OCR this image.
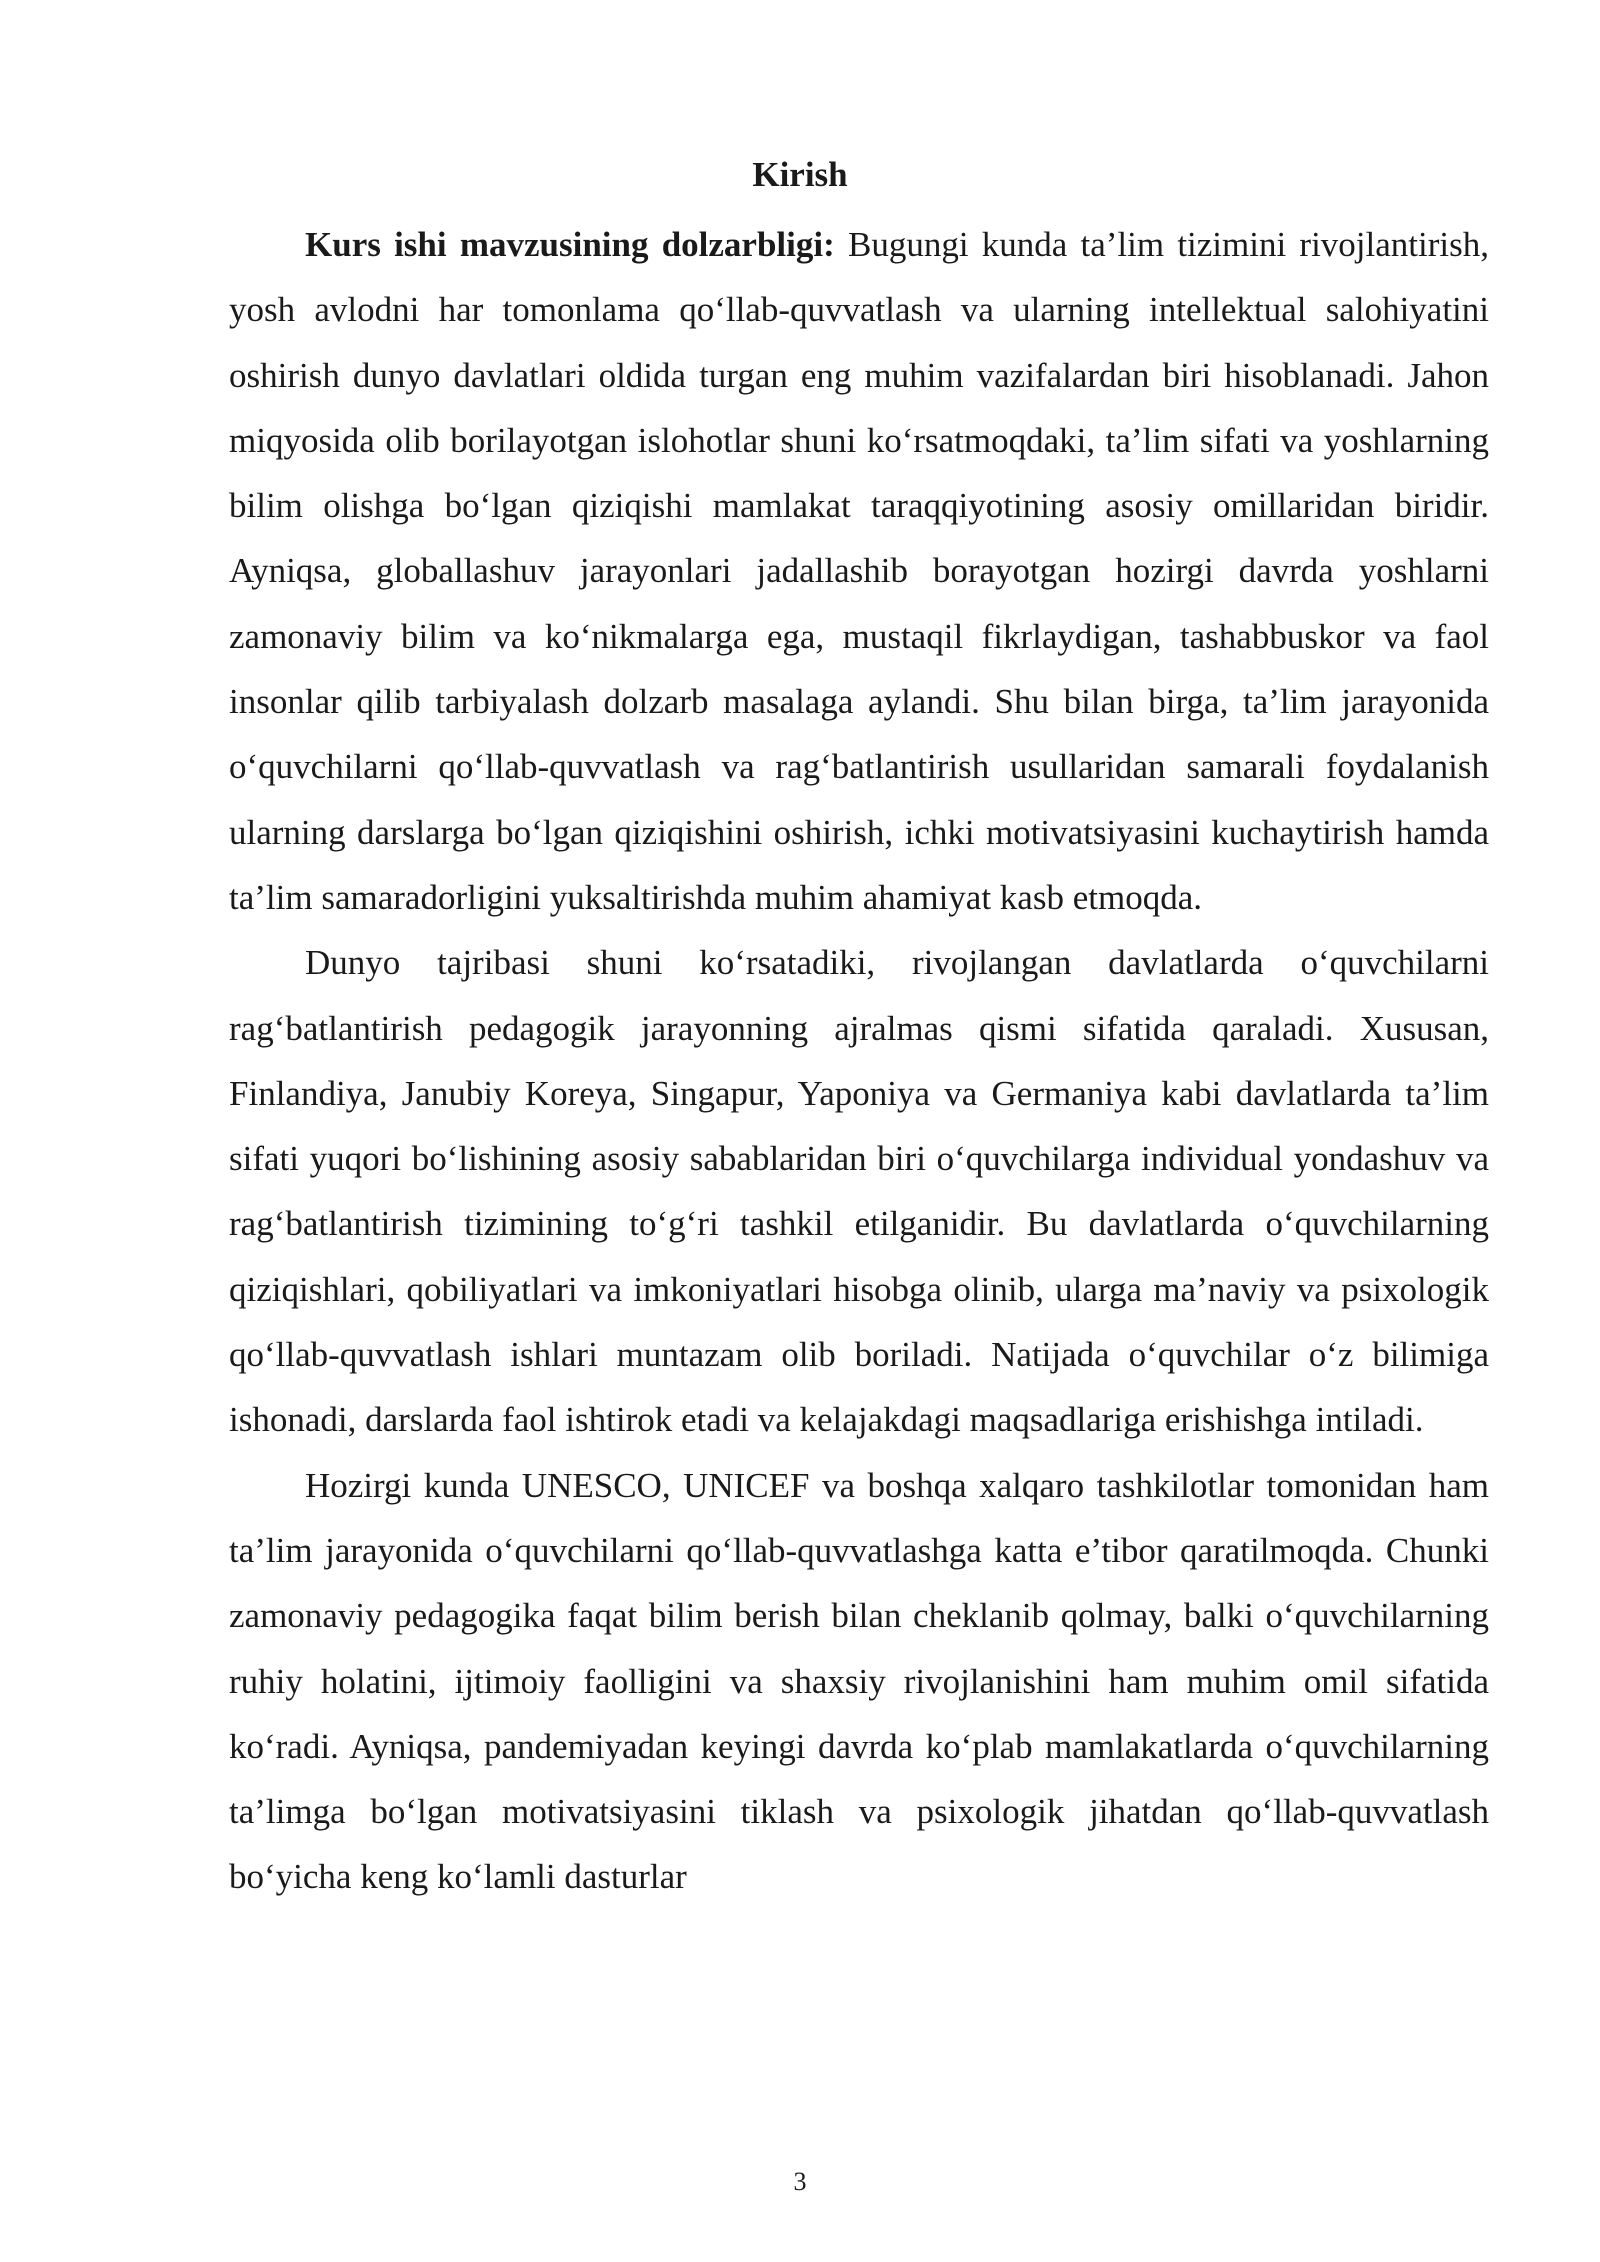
Kirish

Kurs ishi mavzusining dolzarbligi: Bugungi kunda ta’lim tizimini rivojlantirish, yosh avlodni har tomonlama qo‘llab-quvvatlash va ularning intellektual salohiyatini oshirish dunyo davlatlari oldida turgan eng muhim vazifalardan biri hisoblanadi. Jahon miqyosida olib borilayotgan islohotlar shuni ko‘rsatmoqdaki, ta’lim sifati va yoshlarning bilim olishga bo‘lgan qiziqishi mamlakat taraqqiyotining asosiy omillaridan biridir. Ayniqsa, globallashuv jarayonlari jadallashib borayotgan hozirgi davrda yoshlarni zamonaviy bilim va ko‘nikmalarga ega, mustaqil fikrlaydigan, tashabbuskor va faol insonlar qilib tarbiyalash dolzarb masalaga aylandi. Shu bilan birga, ta’lim jarayonida o‘quvchilarni qo‘llab-quvvatlash va rag‘batlantirish usullaridan samarali foydalanish ularning darslarga bo‘lgan qiziqishini oshirish, ichki motivatsiyasini kuchaytirish hamda ta’lim samaradorligini yuksaltirishda muhim ahamiyat kasb etmoqda.

Dunyo tajribasi shuni ko‘rsatadiki, rivojlangan davlatlarda o‘quvchilarni rag‘batlantirish pedagogik jarayonning ajralmas qismi sifatida qaraladi. Xususan, Finlandiya, Janubiy Koreya, Singapur, Yaponiya va Germaniya kabi davlatlarda ta’lim sifati yuqori bo‘lishining asosiy sabablaridan biri o‘quvchilarga individual yondashuv va rag‘batlantirish tizimining to‘g‘ri tashkil etilganidir. Bu davlatlarda o‘quvchilarning qiziqishlari, qobiliyatlari va imkoniyatlari hisobga olinib, ularga ma’naviy va psixologik qo‘llab-quvvatlash ishlari muntazam olib boriladi. Natijada o‘quvchilar o‘z bilimiga ishonadi, darslarda faol ishtirok etadi va kelajakdagi maqsadlariga erishishga intiladi.

Hozirgi kunda UNESCO, UNICEF va boshqa xalqaro tashkilotlar tomonidan ham ta’lim jarayonida o‘quvchilarni qo‘llab-quvvatlashga katta e’tibor qaratilmoqda. Chunki zamonaviy pedagogika faqat bilim berish bilan cheklanib qolmay, balki o‘quvchilarning ruhiy holatini, ijtimoiy faolligini va shaxsiy rivojlanishini ham muhim omil sifatida ko‘radi. Ayniqsa, pandemiyadan keyingi davrda ko‘plab mamlakatlarda o‘quvchilarning ta’limga bo‘lgan motivatsiyasini tiklash va psixologik jihatdan qo‘llab-quvvatlash bo‘yicha keng ko‘lamli dasturlar

3
